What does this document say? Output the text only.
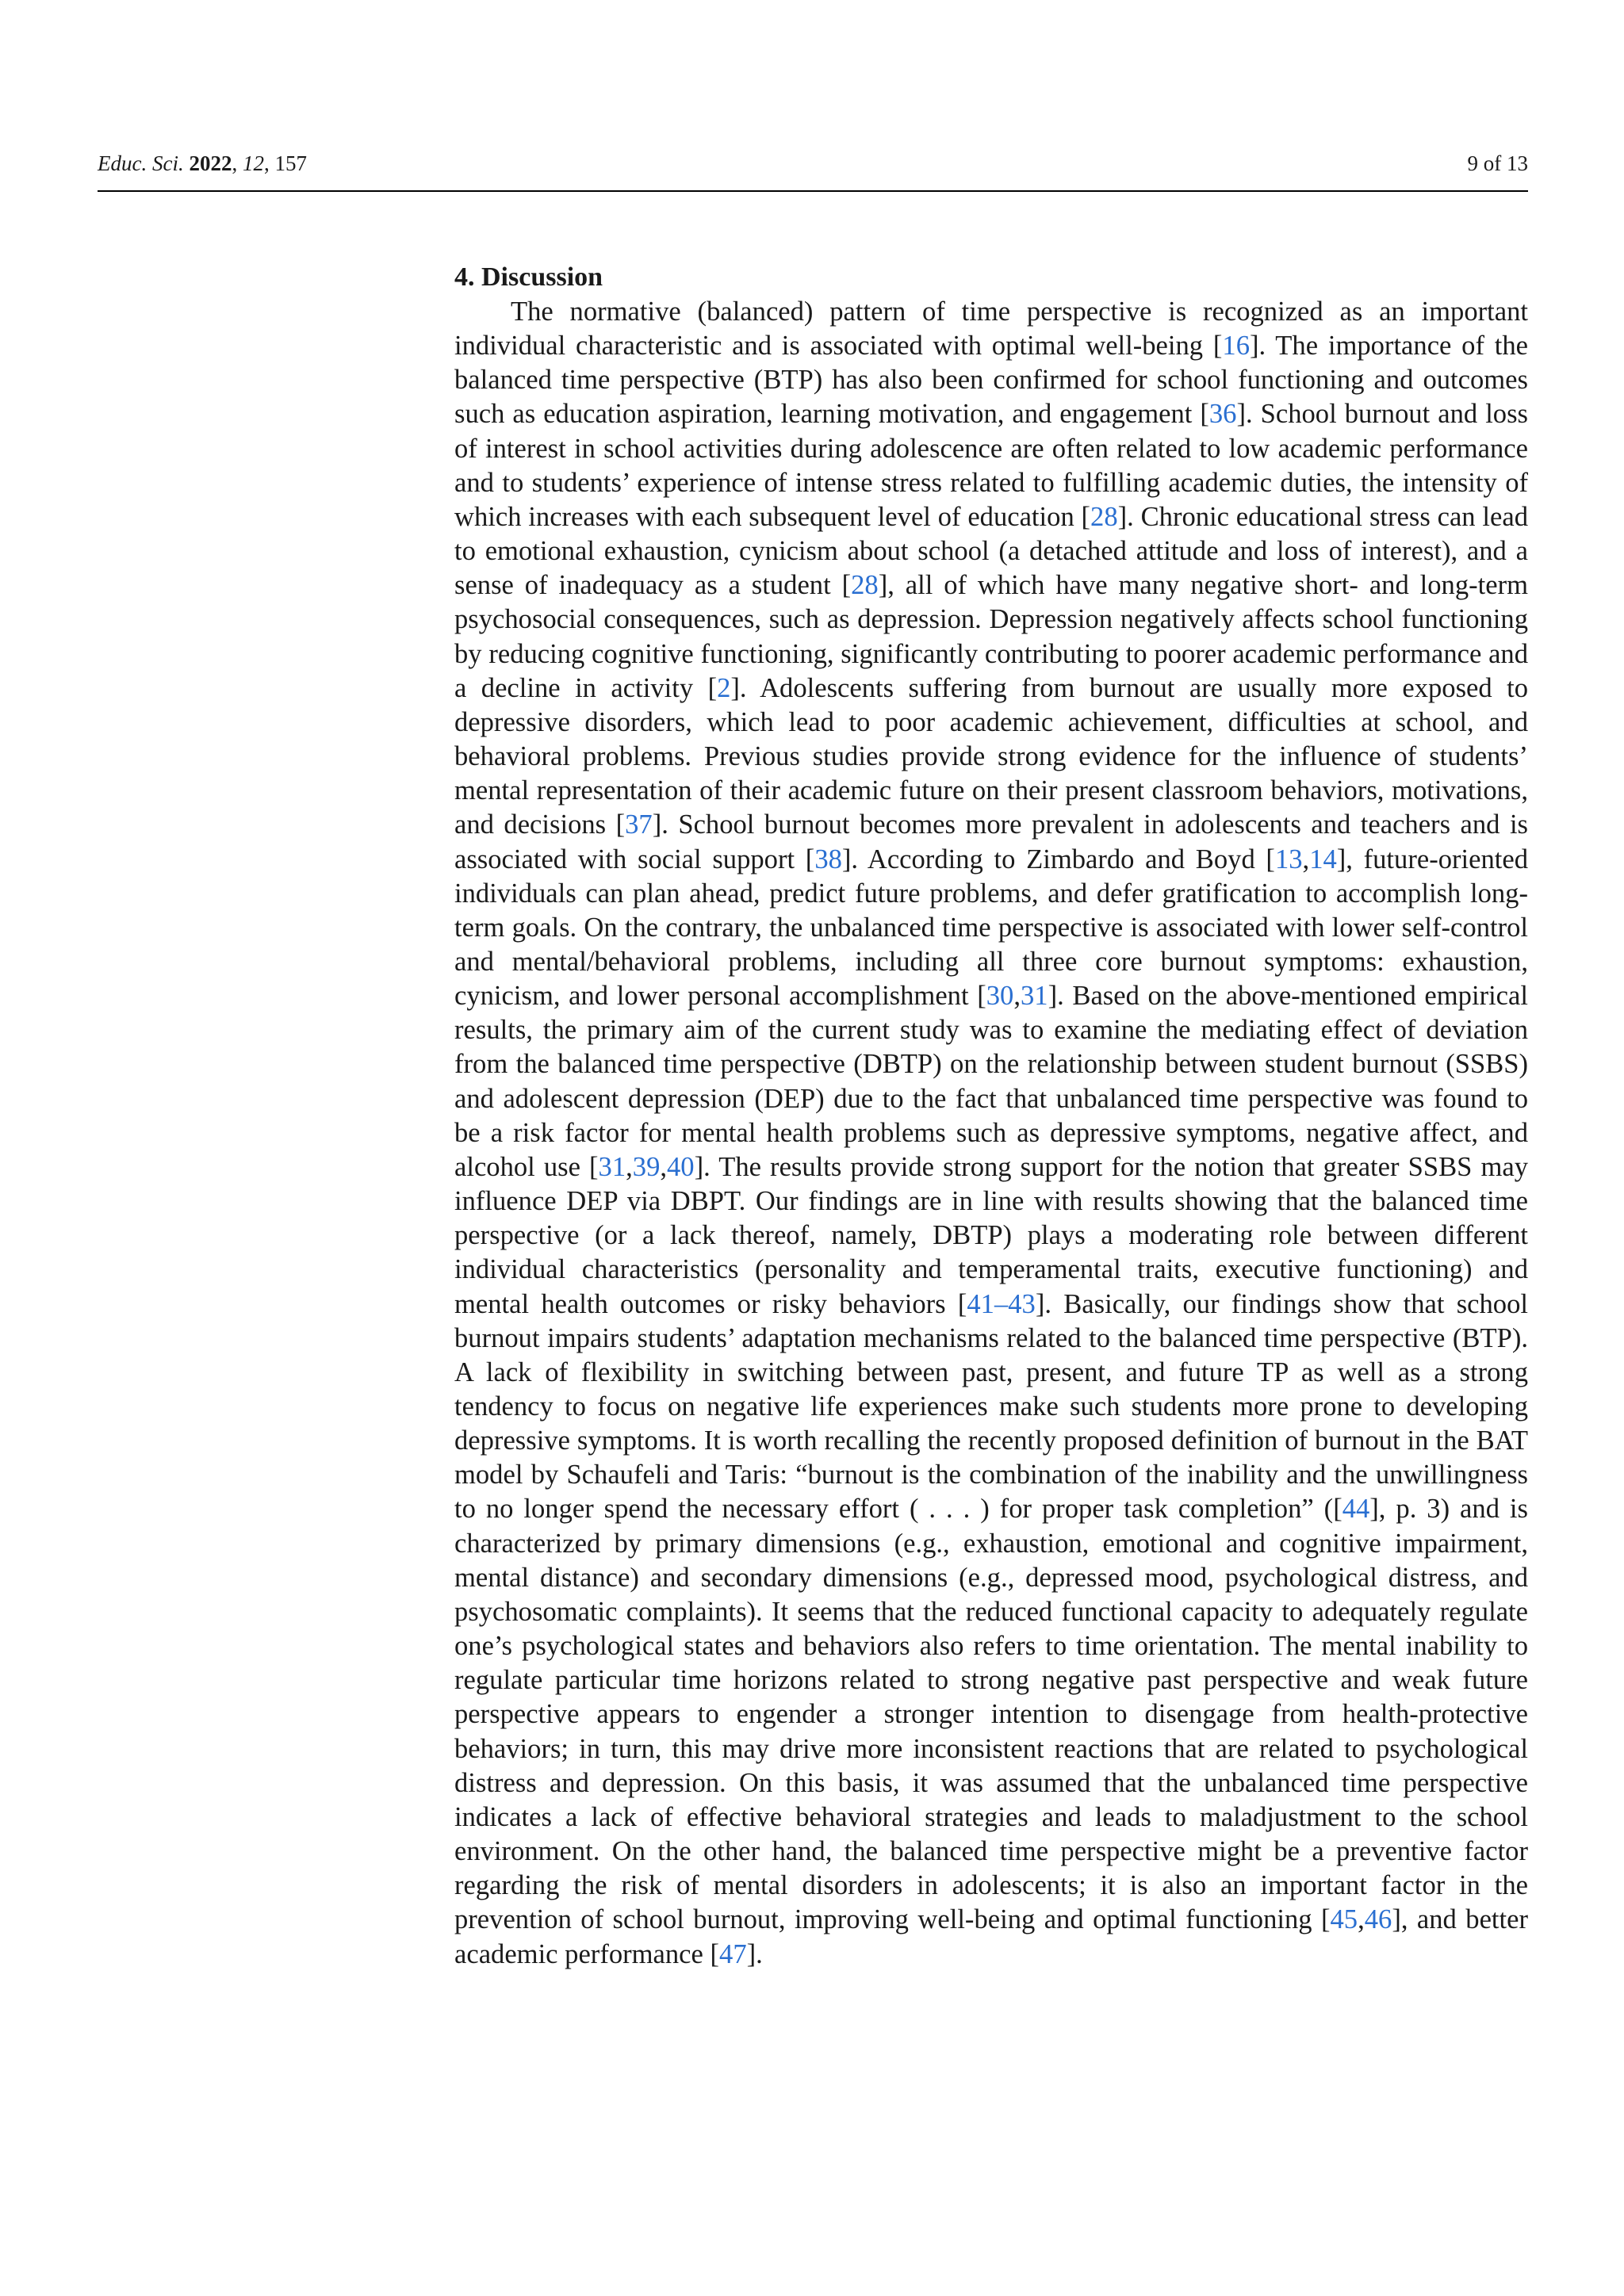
Educ. Sci. 2022, 12, 157	9 of 13
4. Discussion

The normative (balanced) pattern of time perspective is recognized as an important individual characteristic and is associated with optimal well-being [16]. The importance of the balanced time perspective (BTP) has also been confirmed for school functioning and outcomes such as education aspiration, learning motivation, and engagement [36]. School burnout and loss of interest in school activities during adolescence are often related to low academic performance and to students’ experience of intense stress related to fulfilling academic duties, the intensity of which increases with each subsequent level of education [28]. Chronic educational stress can lead to emotional exhaustion, cynicism about school (a detached attitude and loss of interest), and a sense of inadequacy as a student [28], all of which have many negative short- and long-term psychosocial consequences, such as depression. Depression negatively affects school functioning by reducing cognitive functioning, significantly contributing to poorer academic performance and a decline in activity [2]. Adolescents suffering from burnout are usually more exposed to depressive disorders, which lead to poor academic achievement, difficulties at school, and behavioral problems. Previous studies provide strong evidence for the influence of students’ mental representation of their academic future on their present classroom behaviors, motivations, and decisions [37]. School burnout becomes more prevalent in adolescents and teachers and is associated with social support [38]. According to Zimbardo and Boyd [13,14], future-oriented individuals can plan ahead, predict future problems, and defer gratification to accomplish long-term goals. On the contrary, the unbalanced time perspective is associated with lower self-control and mental/behavioral problems, including all three core burnout symptoms: exhaustion, cynicism, and lower personal accomplishment [30,31]. Based on the above-mentioned empirical results, the primary aim of the current study was to examine the mediating effect of deviation from the balanced time perspective (DBTP) on the relationship between student burnout (SSBS) and adolescent depression (DEP) due to the fact that unbalanced time perspective was found to be a risk factor for mental health problems such as depressive symptoms, negative affect, and alcohol use [31,39,40]. The results provide strong support for the notion that greater SSBS may influence DEP via DBPT. Our findings are in line with results showing that the balanced time perspective (or a lack thereof, namely, DBTP) plays a moderating role between different individual characteristics (personality and temperamental traits, executive functioning) and mental health outcomes or risky behaviors [41–43]. Basically, our findings show that school burnout impairs students’ adaptation mechanisms related to the balanced time perspective (BTP). A lack of flexibility in switching between past, present, and future TP as well as a strong tendency to focus on negative life experiences make such students more prone to developing depressive symptoms. It is worth recalling the recently proposed definition of burnout in the BAT model by Schaufeli and Taris: “burnout is the combination of the inability and the unwillingness to no longer spend the necessary effort ( . . . ) for proper task completion” ([44], p. 3) and is characterized by primary dimensions (e.g., exhaustion, emotional and cognitive impairment, mental distance) and secondary dimensions (e.g., depressed mood, psychological distress, and psychosomatic complaints). It seems that the reduced functional capacity to adequately regulate one’s psychological states and behaviors also refers to time orientation. The mental inability to regulate particular time horizons related to strong negative past perspective and weak future perspective appears to engender a stronger intention to disengage from health-protective behaviors; in turn, this may drive more inconsistent reactions that are related to psychological distress and depression. On this basis, it was assumed that the unbalanced time perspective indicates a lack of effective behavioral strategies and leads to maladjustment to the school environment. On the other hand, the balanced time perspective might be a preventive factor regarding the risk of mental disorders in adolescents; it is also an important factor in the prevention of school burnout, improving well-being and optimal functioning [45,46], and better academic performance [47].
